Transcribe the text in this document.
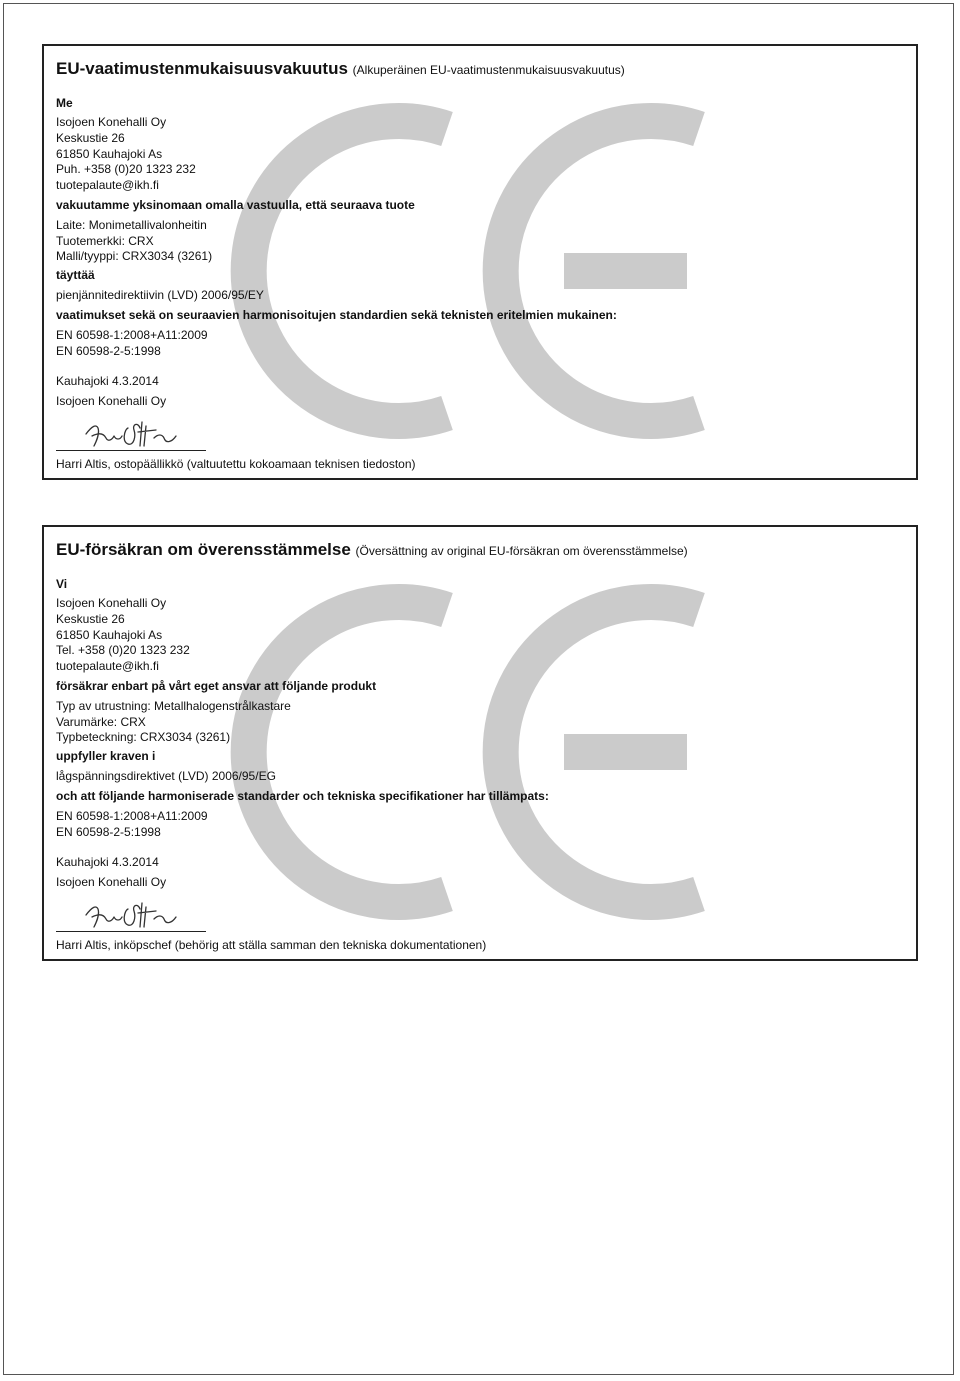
EU-vaatimustenmukaisuusvakuutus (Alkuperäinen EU-vaatimustenmukaisuusvakuutus)
Me
Isojoen Konehalli Oy
Keskustie 26
61850 Kauhajoki As
Puh. +358 (0)20 1323 232
tuotepalaute@ikh.fi
vakuutamme yksinomaan omalla vastuulla, että seuraava tuote
Laite: Monimetallivalonheitin
Tuotemerkki: CRX
Malli/tyyppi: CRX3034 (3261)
täyttää
pienjännitedirektiivin (LVD) 2006/95/EY
vaatimukset sekä on seuraavien harmonisoitujen standardien sekä teknisten eritelmien mukainen:
EN 60598-1:2008+A11:2009
EN 60598-2-5:1998
Kauhajoki 4.3.2014
Isojoen Konehalli Oy
Harri Altis, ostopäällikkö (valtuutettu kokoamaan teknisen tiedoston)
EU-försäkran om överensstämmelse (Översättning av original EU-försäkran om överensstämmelse)
Vi
Isojoen Konehalli Oy
Keskustie 26
61850 Kauhajoki As
Tel. +358 (0)20 1323 232
tuotepalaute@ikh.fi
försäkrar enbart på vårt eget ansvar att följande produkt
Typ av utrustning: Metallhalogenstrålkastare
Varumärke: CRX
Typbeteckning: CRX3034 (3261)
uppfyller kraven i
lågspänningsdirektivet (LVD) 2006/95/EG
och att följande harmoniserade standarder och tekniska specifikationer har tillämpats:
EN 60598-1:2008+A11:2009
EN 60598-2-5:1998
Kauhajoki 4.3.2014
Isojoen Konehalli Oy
Harri Altis, inköpschef (behörig att ställa samman den tekniska dokumentationen)
